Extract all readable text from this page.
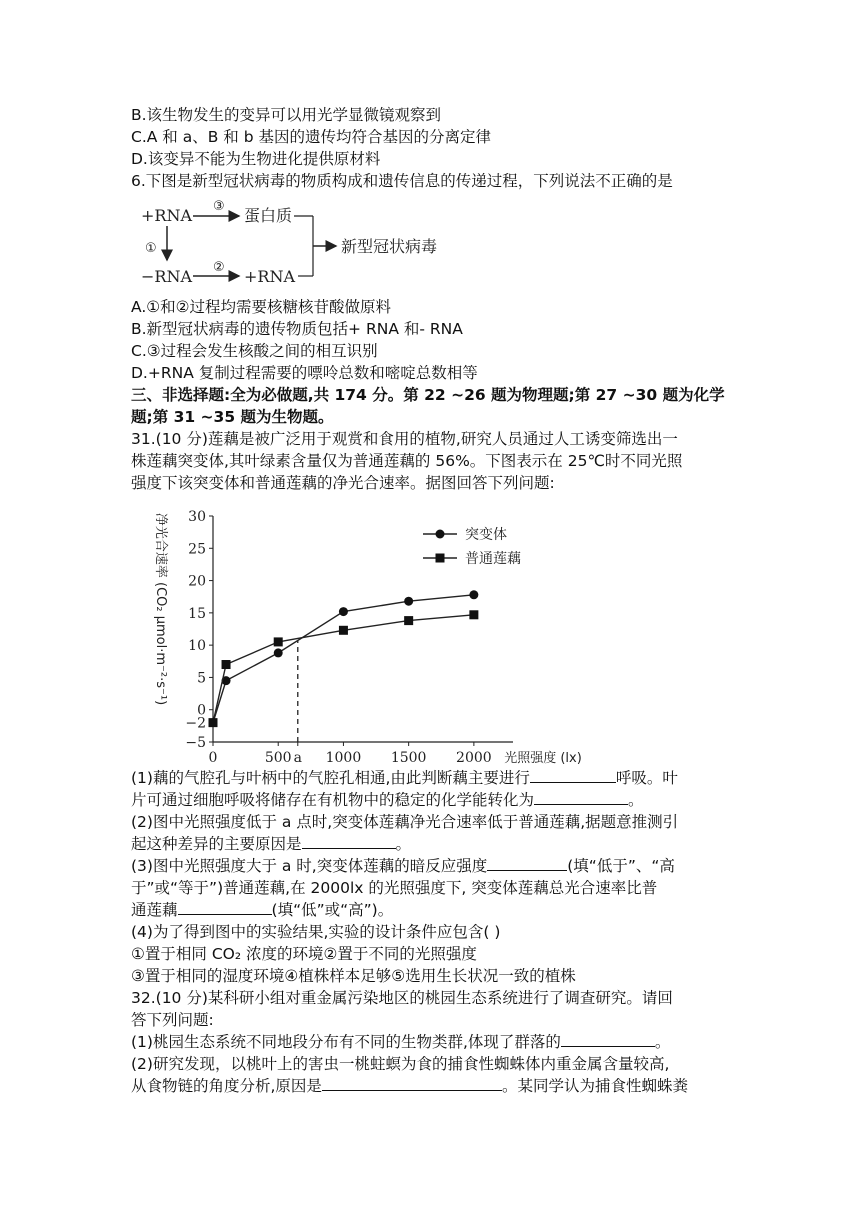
B.该生物发生的变异可以用光学显微镜观察到
C.A 和 a、B 和 b 基因的遗传均符合基因的分离定律
D.该变异不能为生物进化提供原材料
6.下图是新型冠状病毒的物质构成和遗传信息的传递过程，下列说法不正确的是
+RNA ③ 蛋白质
①
−RNA ② +RNA
新型冠状病毒
A.①和②过程均需要核糖核苷酸做原料
B.新型冠状病毒的遗传物质包括+ RNA 和- RNA
C.③过程会发生核酸之间的相互识别
D.+RNA 复制过程需要的嘌呤总数和嘧啶总数相等
三、非选择题:全为必做题,共 174 分。第 22 ~26 题为物理题;第 27 ~30 题为化学
题;第 31 ~35 题为生物题。
31.(10 分)莲藕是被广泛用于观赏和食用的植物,研究人员通过人工诱变筛选出一
株莲藕突变体,其叶绿素含量仅为普通莲藕的 56%。下图表示在 25℃时不同光照
强度下该突变体和普通莲藕的净光合速率。据图回答下列问题:
30
25
20
15
10
5
0
−2
−5
0	500 a 1000 1500 2000 光照强度 (lx)
净光合速率 (CO₂ μmol·m⁻²·s⁻¹)	突变体
普通莲藕
(1)藕的气腔孔与叶柄中的气腔孔相通,由此判断藕主要进行	呼吸。叶
片可通过细胞呼吸将储存在有机物中的稳定的化学能转化为	。
(2)图中光照强度低于 a 点时,突变体莲藕净光合速率低于普通莲藕,据题意推测引
起这种差异的主要原因是	。
(3)图中光照强度大于 a 时,突变体莲藕的暗反应强度	(填“低于”、“高
于”或“等于”)普通莲藕,在 2000lx 的光照强度下, 突变体莲藕总光合速率比普
通莲藕	(填“低”或“高”)。
(4)为了得到图中的实验结果,实验的设计条件应包含( )
①置于相同 CO₂ 浓度的环境②置于不同的光照强度
③置于相同的湿度环境④植株样本足够⑤选用生长状况一致的植株
32.(10 分)某科研小组对重金属污染地区的桃园生态系统进行了调查研究。请回
答下列问题:
(1)桃园生态系统不同地段分布有不同的生物类群,体现了群落的	。
(2)研究发现，以桃叶上的害虫一桃蛀螟为食的捕食性蜘蛛体内重金属含量较高,
从食物链的角度分析,原因是	。某同学认为捕食性蜘蛛粪
